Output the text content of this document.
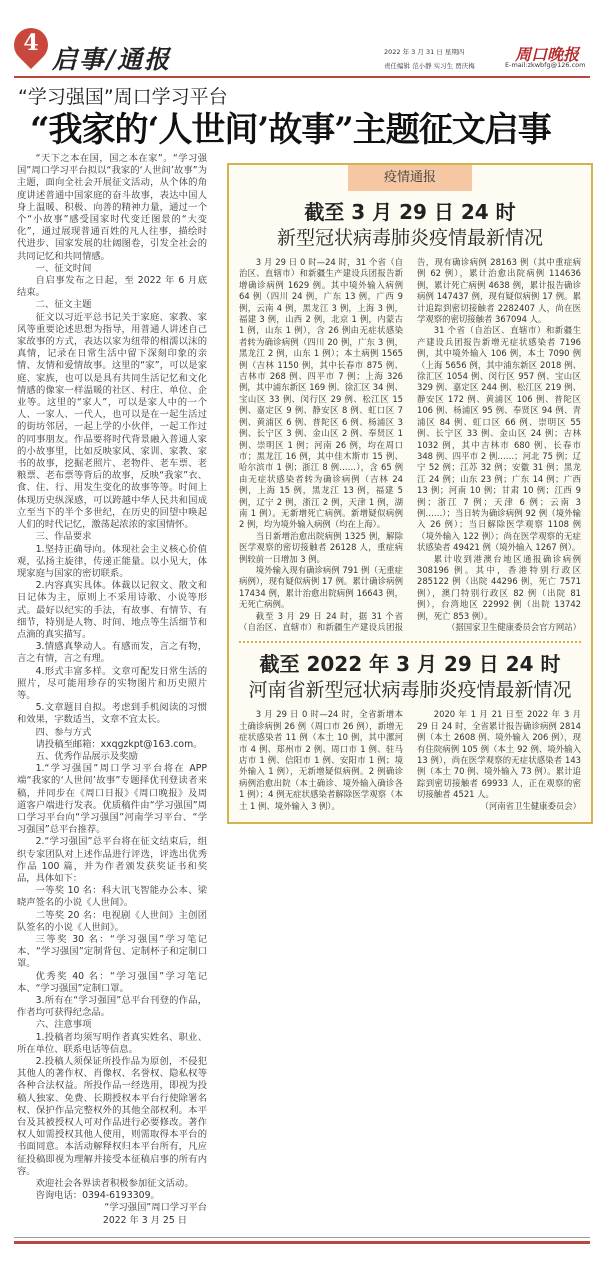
4
启事/通报	2022 年 3 月 31 日 星期四
责任编辑 范小静 实习生 贾庆梅
周口晚报
E-mail:zkwbfg@126.com
“学习强国”周口学习平台
“我家的‘人世间’故事”主题征文启事

“天下之本在国，国之本在家”。“学习强国”周口学习平台拟以“我家的‘人世间’故事”为主题，面向全社会开展征文活动，从个体的角度讲述普通中国家庭的奋斗故事，表达中国人身上温暖、积极、向善的精神力量，通过一个个“小故事”感受国家时代变迁图景的“大变化”，通过展现普通百姓的凡人往事，描绘时代进步、国家发展的壮阔图卷，引发全社会的共同记忆和共同情感。

一、征文时间

自启事发布之日起，至 2022 年 6 月底结束。

二、征文主题

征文以习近平总书记关于家庭、家教、家风等重要论述思想为指导，用普通人讲述自己家故事的方式，表达以家为纽带的相濡以沫的真情，记录在日常生活中留下深刻印象的亲情、友情和爱情故事。这里的“家”，可以是家庭、家族，也可以是具有共同生活记忆和文化情感的像家一样温暖的社区、村庄、单位、企业等。这里的“家人”，可以是家人中的一个人、一家人、一代人，也可以是在一起生活过的街坊邻居，一起上学的小伙伴，一起工作过的同事朋友。作品要将时代背景融入普通人家的小故事里，比如反映家风、家训、家教、家书的故事，挖掘老照片、老物件、老车票、老粮票、老布票等背后的故事，反映“我家”衣、食、住、行、用发生变化的故事等等。时间上体现历史纵深感，可以跨越中华人民共和国成立至当下的半个多世纪，在历史的回望中唤起人们的时代记忆，激荡起浓浓的家国情怀。

三、作品要求

1.坚持正确导向。体现社会主义核心价值观，弘扬主旋律，传递正能量。以小见大，体现家庭与国家的密切联系。

2.内容真实具体。体裁以记叙文、散文和日记体为主，原则上不采用诗歌、小说等形式。最好以纪实的手法，有故事、有情节、有细节，特别是人物、时间、地点等生活细节和点滴的真实描写。

3.情感真挚动人。有感而发，言之有物，言之有情，言之有理。

4.形式丰富多样。文章可配发日常生活的照片，尽可能用珍存的实物图片和历史照片等。

5.文章题目自拟。考虑到手机阅读的习惯和效果，字数适当，文章不宜太长。

四、参与方式

请投稿至邮箱：xxqgzkpt@163.com。

五、优秀作品展示及奖励

1.“学习强国”周口学习平台将在 APP 端“我家的‘人世间’故事”专题择优刊登读者来稿，并同步在《周口日报》《周口晚报》及周道客户端进行发表。优质稿件由“学习强国”周口学习平台向“学习强国”河南学习平台、“学习强国”总平台推荐。

2.“学习强国”总平台将在征文结束后，组织专家团队对上述作品进行评选，评选出优秀作品 100 篇，并为作者颁发获奖证书和奖品，具体如下：

一等奖 10 名：科大讯飞智能办公本、梁晓声签名的小说《人世间》。

二等奖 20 名：电视剧《人世间》主创团队签名的小说《人世间》。

三等奖 30 名：“学习强国”学习笔记本、“学习强国”定制背包、定制杯子和定制口罩。

优秀奖 40 名：“学习强国”学习笔记本、“学习强国”定制口罩。

3.所有在“学习强国”总平台刊登的作品，作者均可获得纪念品。

六、注意事项

1.投稿者均须写明作者真实姓名、职业、所在单位、联系电话等信息。

2.投稿人须保证所投作品为原创，不侵犯其他人的著作权、肖像权、名誉权、隐私权等各种合法权益。所投作品一经选用，即视为投稿人独家、免费、长期授权本平台行使除署名权、保护作品完整权外的其他全部权利。本平台及其被授权人可对作品进行必要修改。著作权人如需授权其他人使用，则需取得本平台的书面同意。本活动解释权归本平台所有，凡应征投稿即视为理解并接受本征稿启事的所有内容。

欢迎社会各界读者积极参加征文活动。

咨询电话：0394-6193309。

“学习强国”周口学习平台

2022 年 3 月 25 日

疫情通报
截至 3 月 29 日 24 时
新型冠状病毒肺炎疫情最新情况

3 月 29 日 0 时—24 时，31 个省（自治区、直辖市）和新疆生产建设兵团报告新增确诊病例 1629 例。其中境外输入病例 64 例（四川 24 例，广东 13 例，广西 9 例，云南 4 例，黑龙江 3 例，上海 3 例，福建 3 例，山西 2 例，北京 1 例，内蒙古 1 例，山东 1 例），含 26 例由无症状感染者转为确诊病例（四川 20 例，广东 3 例，黑龙江 2 例，山东 1 例）；本土病例 1565 例（吉林 1150 例，其中长春市 875 例、吉林市 268 例、四平市 7 例；上海 326 例，其中浦东新区 169 例、徐汇区 34 例、宝山区 33 例、闵行区 29 例、松江区 15 例、嘉定区 9 例、静安区 8 例、虹口区 7 例、黄浦区 6 例、普陀区 6 例、杨浦区 3 例、长宁区 3 例、金山区 2 例、奉贤区 1 例、崇明区 1 例；河南 26 例，均在周口市；黑龙江 16 例，其中佳木斯市 15 例、哈尔滨市 1 例；浙江 8 例……），含 65 例由无症状感染者转为确诊病例（吉林 24 例，上海 15 例，黑龙江 13 例，福建 5 例，辽宁 2 例，浙江 2 例，天津 1 例，湖南 1 例）。无新增死亡病例。新增疑似病例 2 例，均为境外输入病例（均在上海）。

当日新增治愈出院病例 1325 例，解除医学观察的密切接触者 26128 人，重症病例较前一日增加 3 例。

境外输入现有确诊病例 791 例（无重症病例），现有疑似病例 17 例。累计确诊病例 17434 例，累计治愈出院病例 16643 例，无死亡病例。

截至 3 月 29 日 24 时，据 31 个省（自治区、直辖市）和新疆生产建设兵团报告，现有确诊病例 28163 例（其中重症病例 62 例），累计治愈出院病例 114636 例，累计死亡病例 4638 例，累计报告确诊病例 147437 例，现有疑似病例 17 例。累计追踪到密切接触者 2282407 人，尚在医学观察的密切接触者 367094 人。

31 个省（自治区、直辖市）和新疆生产建设兵团报告新增无症状感染者 7196 例，其中境外输入 106 例，本土 7090 例（上海 5656 例，其中浦东新区 2018 例、徐汇区 1054 例、闵行区 957 例、宝山区 329 例、嘉定区 244 例、松江区 219 例、静安区 172 例、黄浦区 106 例、普陀区 106 例、杨浦区 95 例、奉贤区 94 例、青浦区 84 例、虹口区 66 例、崇明区 55 例、长宁区 33 例、金山区 24 例；吉林 1032 例，其中吉林市 680 例、长春市 348 例、四平市 2 例……；河北 75 例；辽宁 52 例；江苏 32 例；安徽 31 例；黑龙江 24 例；山东 23 例；广东 14 例；广西 13 例；河南 10 例；甘肃 10 例；江西 9 例；浙江 7 例；天津 6 例；云南 3 例……）；当日转为确诊病例 92 例（境外输入 26 例）；当日解除医学观察 1108 例（境外输入 122 例）；尚在医学观察的无症状感染者 49421 例（境外输入 1267 例）。

累计收到港澳台地区通报确诊病例 308196 例。其中，香港特别行政区 285122 例（出院 44296 例，死亡 7571 例），澳门特别行政区 82 例（出院 81 例），台湾地区 22992 例（出院 13742 例，死亡 853 例）。

（据国家卫生健康委员会官方网站）

截至 2022 年 3 月 29 日 24 时
河南省新型冠状病毒肺炎疫情最新情况

3 月 29 日 0 时—24 时，全省新增本土确诊病例 26 例（周口市 26 例），新增无症状感染者 11 例（本土 10 例，其中漯河市 4 例、郑州市 2 例、周口市 1 例、驻马店市 1 例、信阳市 1 例、安阳市 1 例；境外输入 1 例），无新增疑似病例。2 例确诊病例治愈出院（本土确诊、境外输入确诊各 1 例）；4 例无症状感染者解除医学观察（本土 1 例、境外输入 3 例）。

2020 年 1 月 21 日至 2022 年 3 月 29 日 24 时，全省累计报告确诊病例 2814 例（本土 2608 例、境外输入 206 例），现有住院病例 105 例（本土 92 例、境外输入 13 例），尚在医学观察的无症状感染者 143 例（本土 70 例、境外输入 73 例）。累计追踪到密切接触者 69933 人，正在观察的密切接触者 4521 人。

（河南省卫生健康委员会）
